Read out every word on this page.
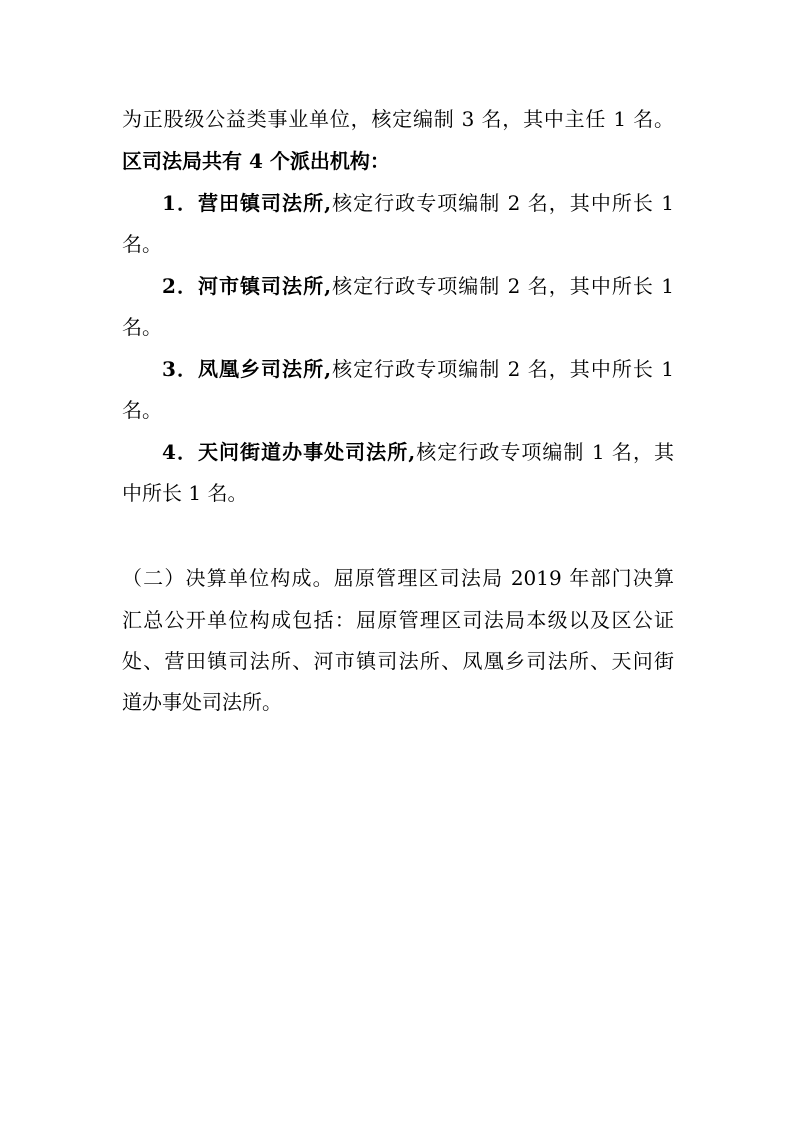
为正股级公益类事业单位，核定编制 3 名，其中主任 1 名。
区司法局共有 4 个派出机构：
1．营田镇司法所,核定行政专项编制 2 名，其中所长 1
名。
2．河市镇司法所,核定行政专项编制 2 名，其中所长 1
名。
3．凤凰乡司法所,核定行政专项编制 2 名，其中所长 1
名。
4．天问街道办事处司法所,核定行政专项编制 1 名，其
中所长 1 名。
（二）决算单位构成。屈原管理区司法局 2019 年部门决算
汇总公开单位构成包括：屈原管理区司法局本级以及区公证
处、营田镇司法所、河市镇司法所、凤凰乡司法所、天问街
道办事处司法所。
